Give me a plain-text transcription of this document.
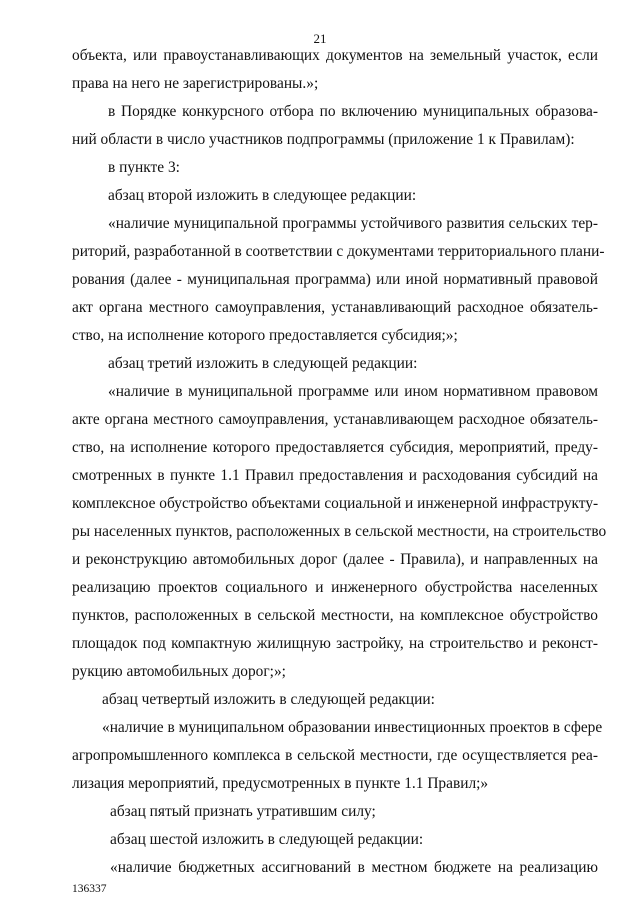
21
объекта, или правоустанавливающих документов на земельный участок, если
права на него не зарегистрированы.»;
в Порядке конкурсного отбора по включению муниципальных образова-
ний области в число участников подпрограммы (приложение 1 к Правилам):
в пункте 3:
абзац второй изложить в следующее редакции:
«наличие муниципальной программы устойчивого развития сельских тер-
риторий, разработанной в соответствии с документами территориального плани-
рования (далее - муниципальная программа) или иной нормативный правовой
акт органа местного самоуправления, устанавливающий расходное обязатель-
ство, на исполнение которого предоставляется субсидия;»;
абзац третий изложить в следующей редакции:
«наличие в муниципальной программе или ином нормативном правовом
акте органа местного самоуправления, устанавливающем расходное обязатель-
ство, на исполнение которого предоставляется субсидия, мероприятий, преду-
смотренных в пункте 1.1 Правил предоставления и расходования субсидий на
комплексное обустройство объектами социальной и инженерной инфраструкту-
ры населенных пунктов, расположенных в сельской местности, на строительство
и реконструкцию автомобильных дорог (далее - Правила), и направленных на
реализацию проектов социального и инженерного обустройства населенных
пунктов, расположенных в сельской местности, на комплексное обустройство
площадок под компактную жилищную застройку, на строительство и реконст-
рукцию автомобильных дорог;»;
абзац четвертый изложить в следующей редакции:
«наличие в муниципальном образовании инвестиционных проектов в сфере
агропромышленного комплекса в сельской местности, где осуществляется реа-
лизация мероприятий, предусмотренных в пункте 1.1 Правил;»
абзац пятый признать утратившим силу;
абзац шестой изложить в следующей редакции:
«наличие бюджетных ассигнований в местном бюджете на реализацию
136337
